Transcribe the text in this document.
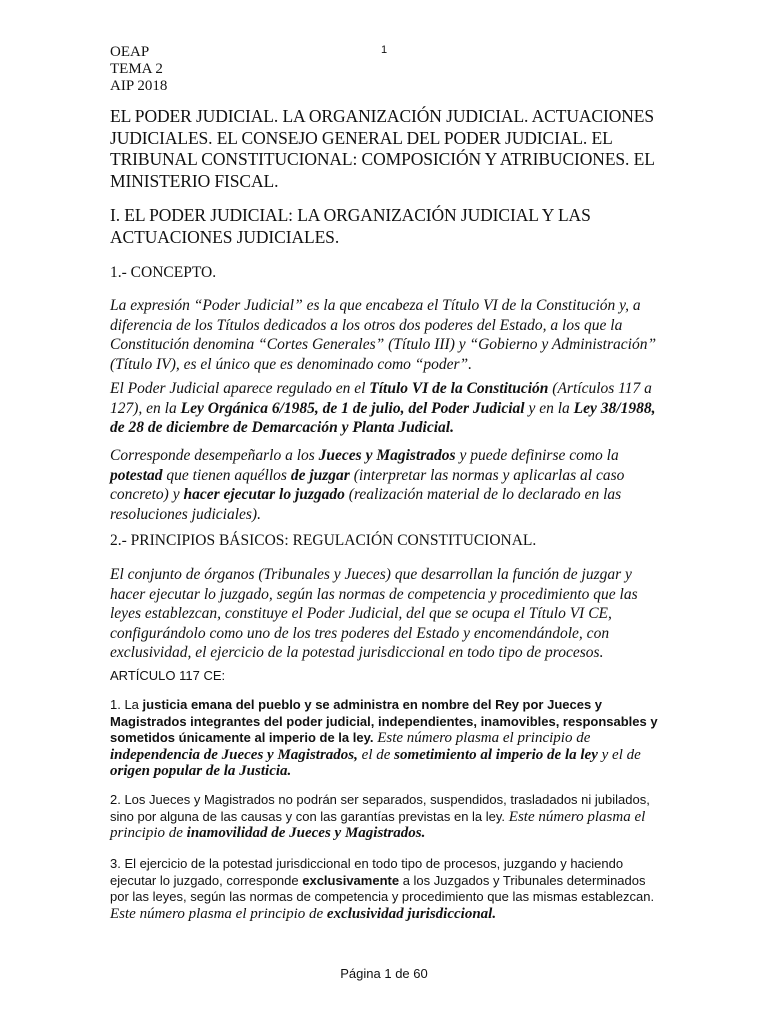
1
OEAP
TEMA 2
AIP 2018
EL PODER JUDICIAL. LA ORGANIZACIÓN JUDICIAL. ACTUACIONES JUDICIALES. EL CONSEJO GENERAL DEL PODER JUDICIAL. EL TRIBUNAL CONSTITUCIONAL: COMPOSICIÓN Y ATRIBUCIONES. EL MINISTERIO FISCAL.
I. EL PODER JUDICIAL: LA ORGANIZACIÓN JUDICIAL Y LAS ACTUACIONES JUDICIALES.
1.- CONCEPTO.
La expresión “Poder Judicial” es la que encabeza el Título VI de la Constitución y, a diferencia de los Títulos dedicados a los otros dos poderes del Estado, a los que la Constitución denomina “Cortes Generales” (Título III) y “Gobierno y Administración” (Título IV), es el único que es denominado como “poder”.
El Poder Judicial aparece regulado en el Título VI de la Constitución (Artículos 117 a 127), en la Ley Orgánica 6/1985, de 1 de julio, del Poder Judicial y en la Ley 38/1988, de 28 de diciembre de Demarcación y Planta Judicial.
Corresponde desempeñarlo a los Jueces y Magistrados y puede definirse como la potestad que tienen aquéllos de juzgar (interpretar las normas y aplicarlas al caso concreto) y hacer ejecutar lo juzgado (realización material de lo declarado en las resoluciones judiciales).
2.- PRINCIPIOS BÁSICOS: REGULACIÓN CONSTITUCIONAL.
El conjunto de órganos (Tribunales y Jueces) que desarrollan la función de juzgar y hacer ejecutar lo juzgado, según las normas de competencia y procedimiento que las leyes establezcan, constituye el Poder Judicial, del que se ocupa el Título VI CE, configurándolo como uno de los tres poderes del Estado y encomendándole, con exclusividad, el ejercicio de la potestad jurisdiccional en todo tipo de procesos.
ARTÍCULO 117 CE:
1. La justicia emana del pueblo y se administra en nombre del Rey por Jueces y Magistrados integrantes del poder judicial, independientes, inamovibles, responsables y sometidos únicamente al imperio de la ley. Este número plasma el principio de independencia de Jueces y Magistrados, el de sometimiento al imperio de la ley y el de origen popular de la Justicia.
2. Los Jueces y Magistrados no podrán ser separados, suspendidos, trasladados ni jubilados, sino por alguna de las causas y con las garantías previstas en la ley. Este número plasma el principio de inamovilidad de Jueces y Magistrados.
3. El ejercicio de la potestad jurisdiccional en todo tipo de procesos, juzgando y haciendo ejecutar lo juzgado, corresponde exclusivamente a los Juzgados y Tribunales determinados por las leyes, según las normas de competencia y procedimiento que las mismas establezcan. Este número plasma el principio de exclusividad jurisdiccional.
Página 1 de 60
